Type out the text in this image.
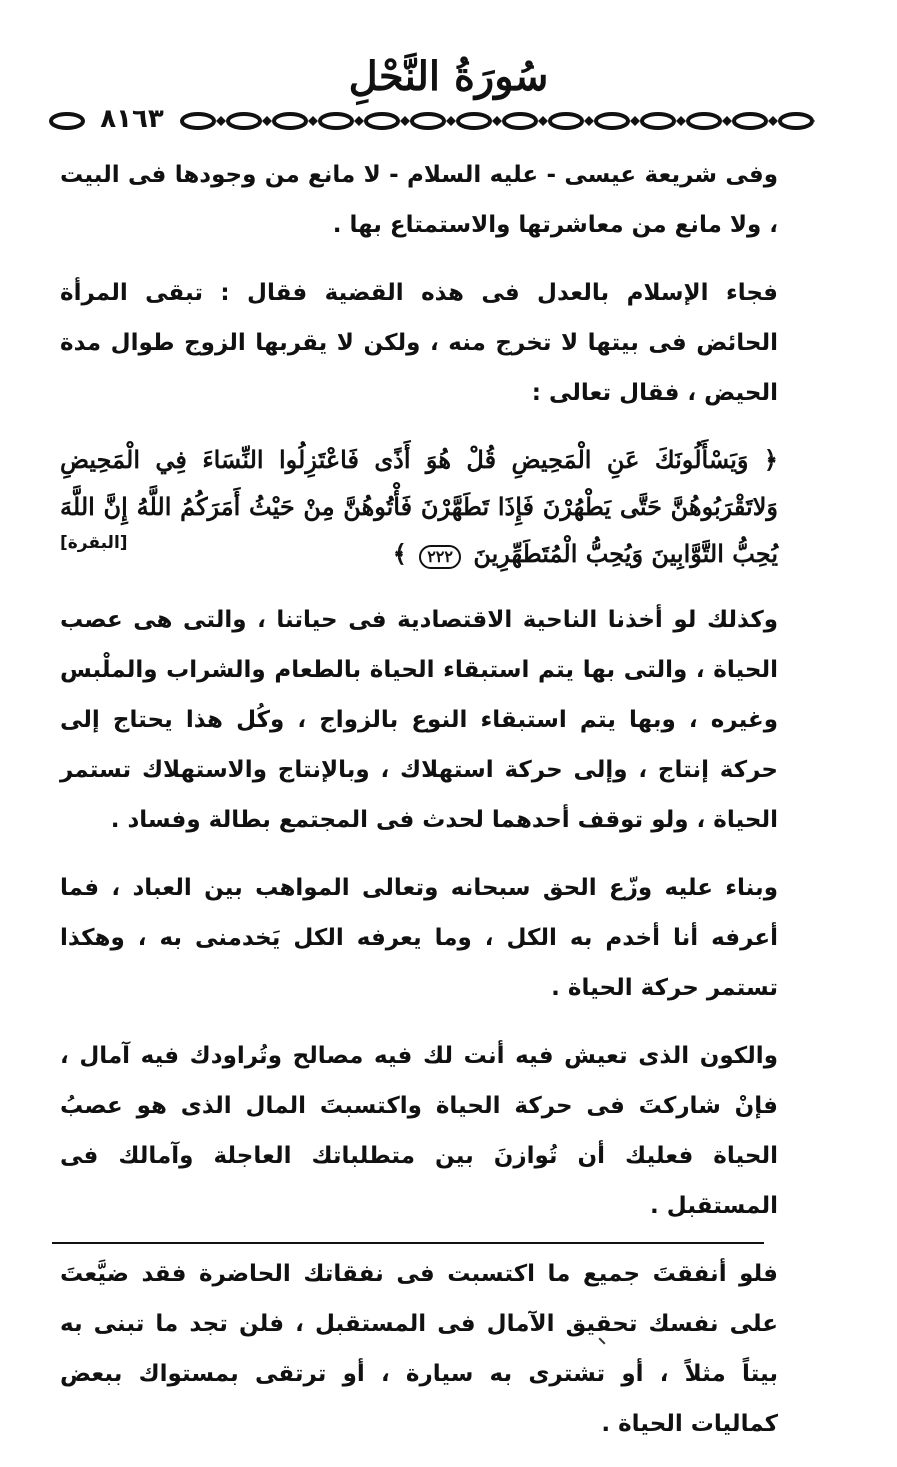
سُورَةُ النَّحْلِ
٨١٦٣

وفى شريعة عيسى - عليه السلام - لا مانع من وجودها فى البيت ، ولا مانع من معاشرتها والاستمتاع بها .

فجاء الإسلام بالعدل فى هذه القضية فقال : تبقى المرأة الحائض فى بيتها لا تخرج منه ، ولكن لا يقربها الزوج طوال مدة الحيض ، فقال تعالى :

﴿ وَيَسْأَلُونَكَ عَنِ الْمَحِيضِ قُلْ هُوَ أَذًى فَاعْتَزِلُوا النِّسَاءَ فِي الْمَحِيضِ وَلاتَقْرَبُوهُنَّ حَتَّى يَطْهُرْنَ فَإِذَا تَطَهَّرْنَ فَأْتُوهُنَّ مِنْ حَيْثُ أَمَرَكُمُ اللَّهُ إِنَّ اللَّهَ يُحِبُّ التَّوَّابِينَ وَيُحِبُّ الْمُتَطَهِّرِينَ ٢٢٢ ﴾
[البقرة]

وكذلك لو أخذنا الناحية الاقتصادية فى حياتنا ، والتى هى عصب الحياة ، والتى بها يتم استبقاء الحياة بالطعام والشراب والملْبس وغيره ، وبها يتم استبقاء النوع بالزواج ، وكُل هذا يحتاج إلى حركة إنتاج ، وإلى حركة استهلاك ، وبالإنتاج والاستهلاك تستمر الحياة ، ولو توقف أحدهما لحدث فى المجتمع بطالة وفساد .

وبناء عليه وزّع الحق سبحانه وتعالى المواهب بين العباد ، فما أعرفه أنا أخدم به الكل ، وما يعرفه الكل يَخدمنى به ، وهكذا تستمر حركة الحياة .

والكون الذى تعيش فيه أنت لك فيه مصالح وتُراودك فيه آمال ، فإنْ شاركتَ فى حركة الحياة واكتسبتَ المال الذى هو عصبُ الحياة فعليك أن تُوازنَ بين متطلباتك العاجلة وآمالك فى المستقبل .

فلو أنفقتَ جميع ما اكتسبت فى نفقاتك الحاضرة فقد ضيَّعتَ على نفسك تحقيق الآمال فى المستقبل ، فلن تجد ما تبنى به بيتاً مثلاً ، أو تشترى به سيارة ، أو ترتقى بمستواك ببعض كماليات الحياة .
